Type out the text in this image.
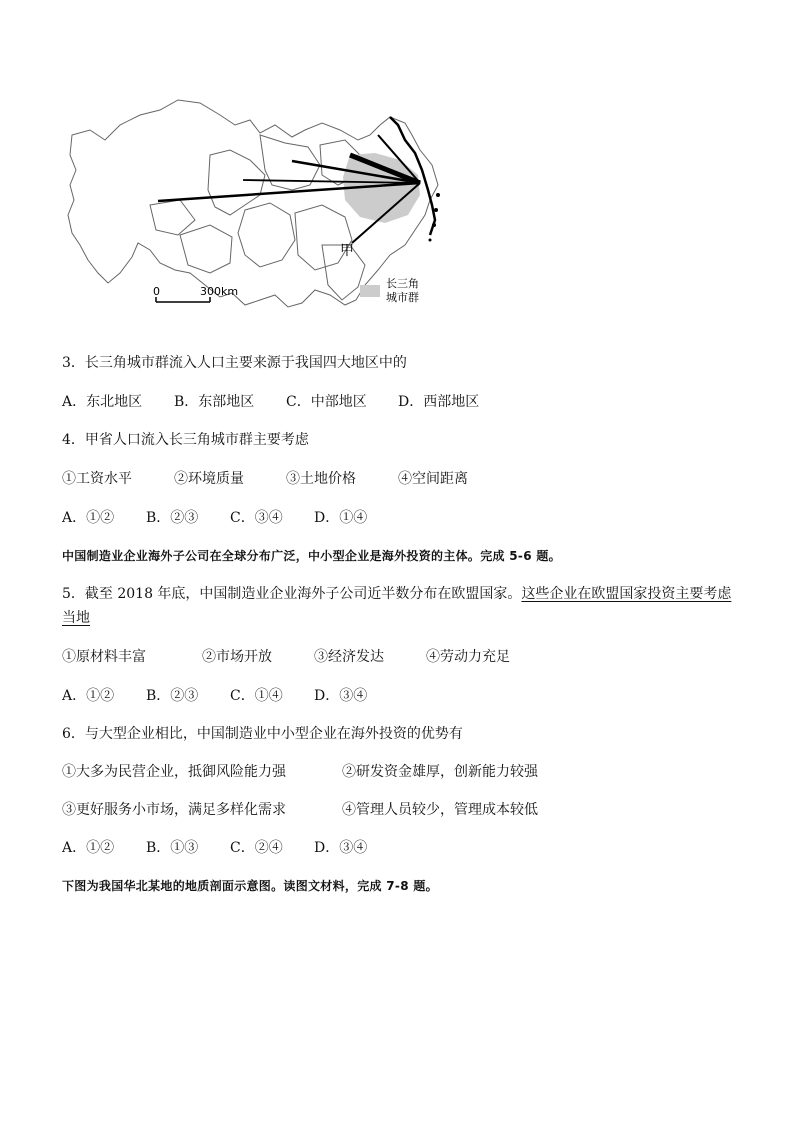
甲
0	300km
长三角
城市群
3．长三角城市群流入人口主要来源于我国四大地区中的
A．东北地区 B．东部地区 C．中部地区 D．西部地区
4．甲省人口流入长三角城市群主要考虑
①工资水平	②环境质量	③土地价格	④空间距离
A．①② B．②③ C．③④ D．①④
中国制造业企业海外子公司在全球分布广泛，中小型企业是海外投资的主体。完成 5-6 题。
5．截至 2018 年底，中国制造业企业海外子公司近半数分布在欧盟国家。这些企业在欧盟国家投资主要考虑当地
①原材料丰富	②市场开放	③经济发达	④劳动力充足
A．①② B．②③ C．①④ D．③④
6．与大型企业相比，中国制造业中小型企业在海外投资的优势有
①大多为民营企业，抵御风险能力强	②研发资金雄厚，创新能力较强
③更好服务小市场，满足多样化需求	④管理人员较少，管理成本较低
A．①② B．①③ C．②④ D．③④
下图为我国华北某地的地质剖面示意图。读图文材料，完成 7-8 题。
